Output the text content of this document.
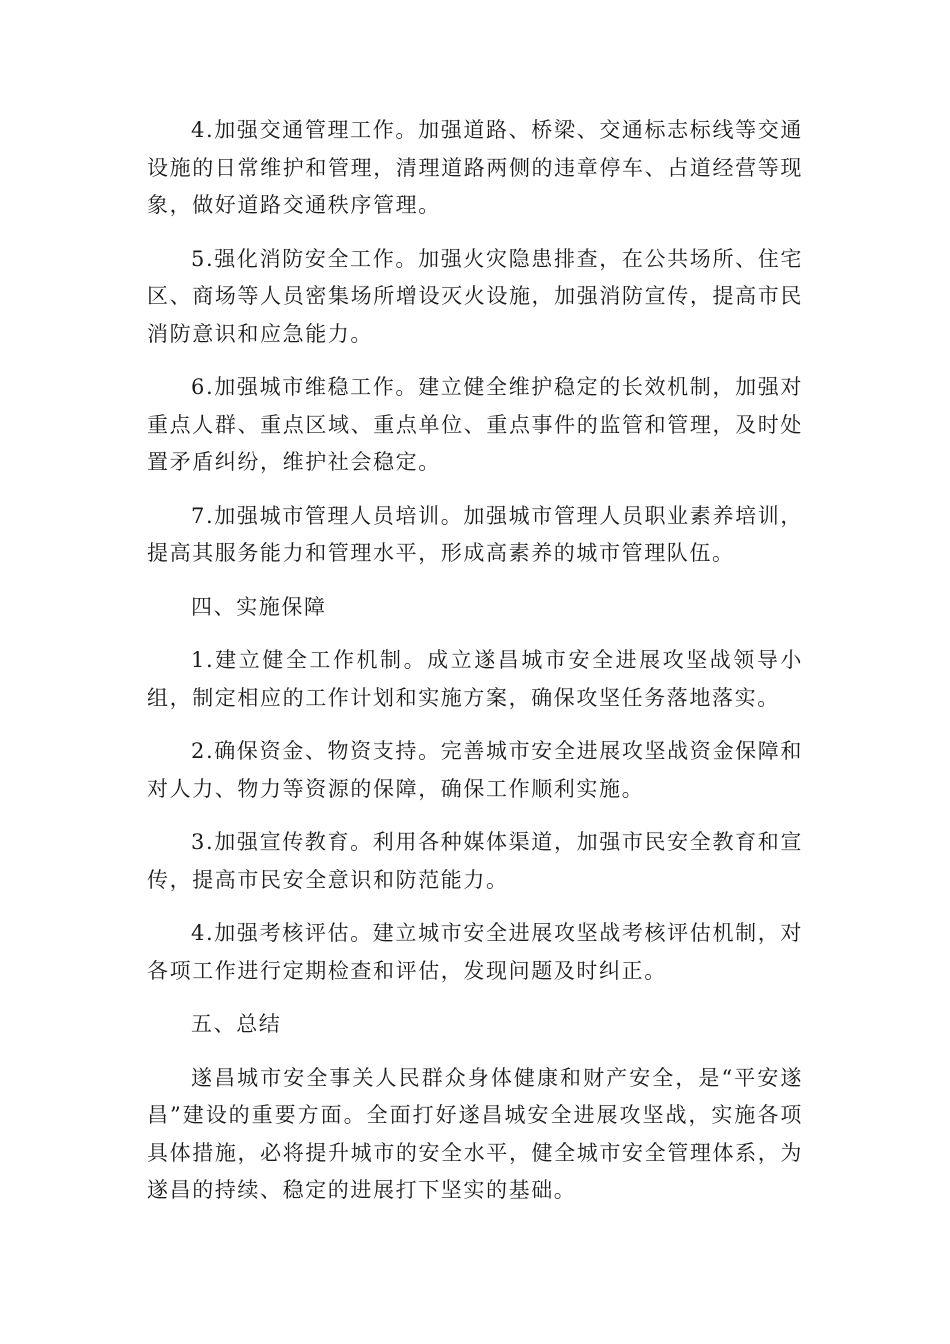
4.加强交通管理工作。加强道路、桥梁、交通标志标线等交通设施的日常维护和管理，清理道路两侧的违章停车、占道经营等现象，做好道路交通秩序管理。

5.强化消防安全工作。加强火灾隐患排查，在公共场所、住宅区、商场等人员密集场所增设灭火设施，加强消防宣传，提高市民消防意识和应急能力。

6.加强城市维稳工作。建立健全维护稳定的长效机制，加强对重点人群、重点区域、重点单位、重点事件的监管和管理，及时处置矛盾纠纷，维护社会稳定。

7.加强城市管理人员培训。加强城市管理人员职业素养培训，提高其服务能力和管理水平，形成高素养的城市管理队伍。

四、实施保障

1.建立健全工作机制。成立遂昌城市安全进展攻坚战领导小组，制定相应的工作计划和实施方案，确保攻坚任务落地落实。

2.确保资金、物资支持。完善城市安全进展攻坚战资金保障和对人力、物力等资源的保障，确保工作顺利实施。

3.加强宣传教育。利用各种媒体渠道，加强市民安全教育和宣传，提高市民安全意识和防范能力。

4.加强考核评估。建立城市安全进展攻坚战考核评估机制，对各项工作进行定期检查和评估，发现问题及时纠正。

五、总结

遂昌城市安全事关人民群众身体健康和财产安全，是“平安遂昌”建设的重要方面。全面打好遂昌城安全进展攻坚战，实施各项具体措施，必将提升城市的安全水平，健全城市安全管理体系，为遂昌的持续、稳定的进展打下坚实的基础。
